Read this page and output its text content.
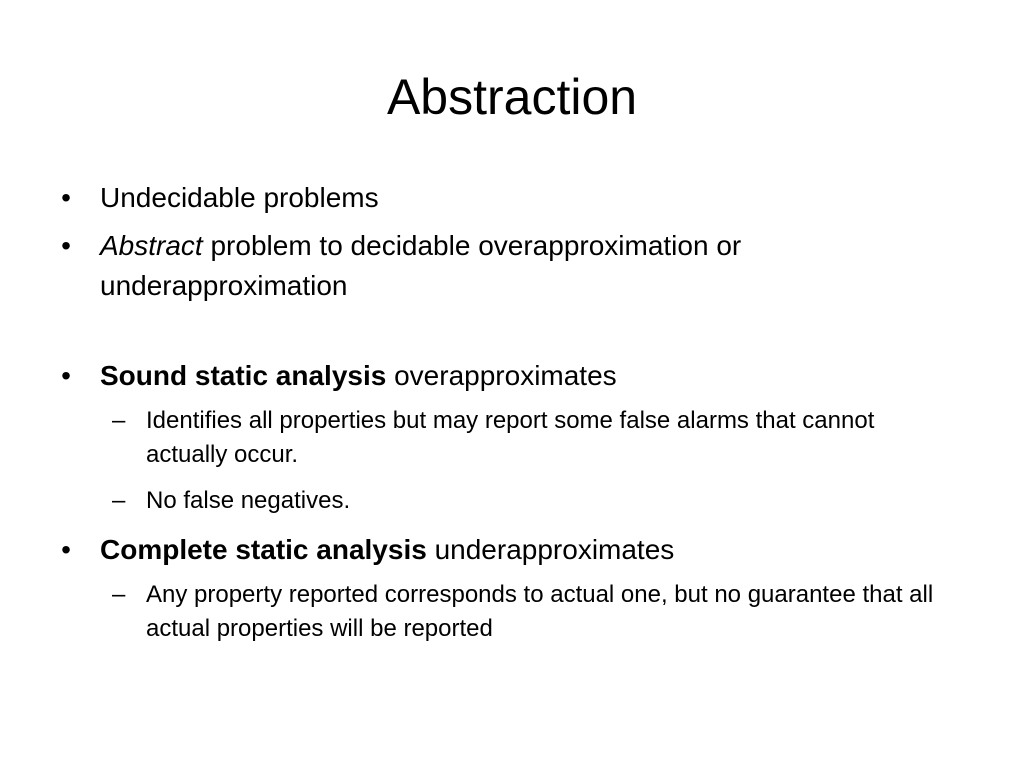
Abstraction
• Undecidable problems
• Abstract problem to decidable overapproximation or underapproximation
• Sound static analysis overapproximates
– Identifies all properties but may report some false alarms that cannot actually occur.
– No false negatives.
• Complete static analysis underapproximates
– Any property reported corresponds to actual one, but no guarantee that all actual properties will be reported
